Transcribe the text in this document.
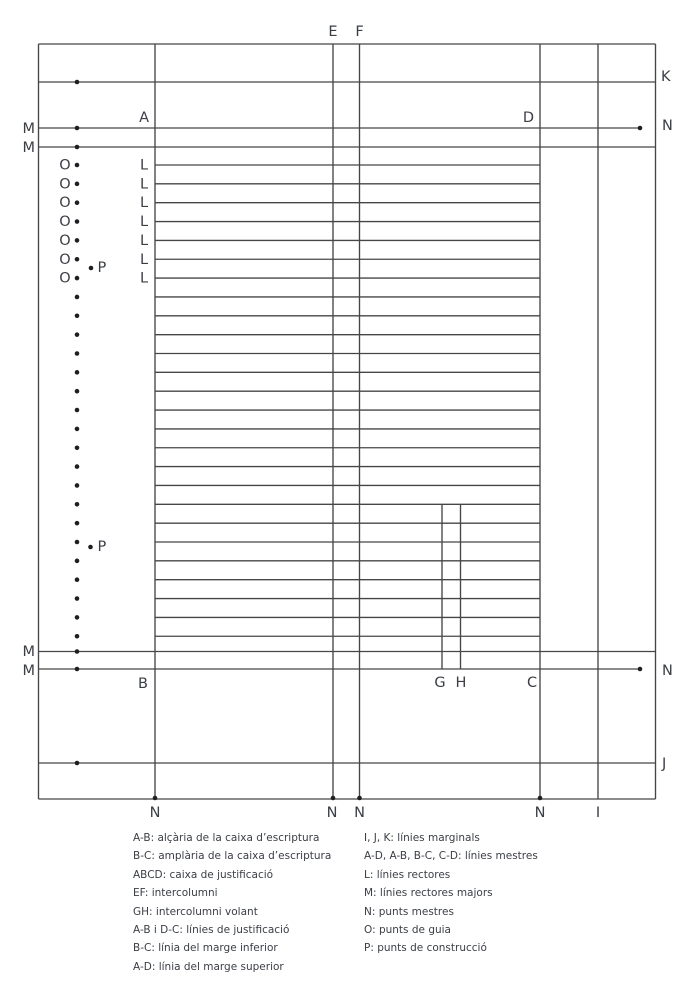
E F
K
M	N
M
A	D
P
P
M
M	N
B	G H	C
J
N	N N	N	I
O	L
O	L
O	L
O	L
O	L
O	L
O	L
A-B: alçària de la caixa d’escriptura
B-C: amplària de la caixa d’escriptura
ABCD: caixa de justificació
EF: intercolumni
GH: intercolumni volant
A-B i D-C: línies de justificació
B-C: línia del marge inferior
A-D: línia del marge superior
I, J, K: línies marginals
A-D, A-B, B-C, C-D: línies mestres
L: línies rectores
M: línies rectores majors
N: punts mestres
O: punts de guia
P: punts de construcció
